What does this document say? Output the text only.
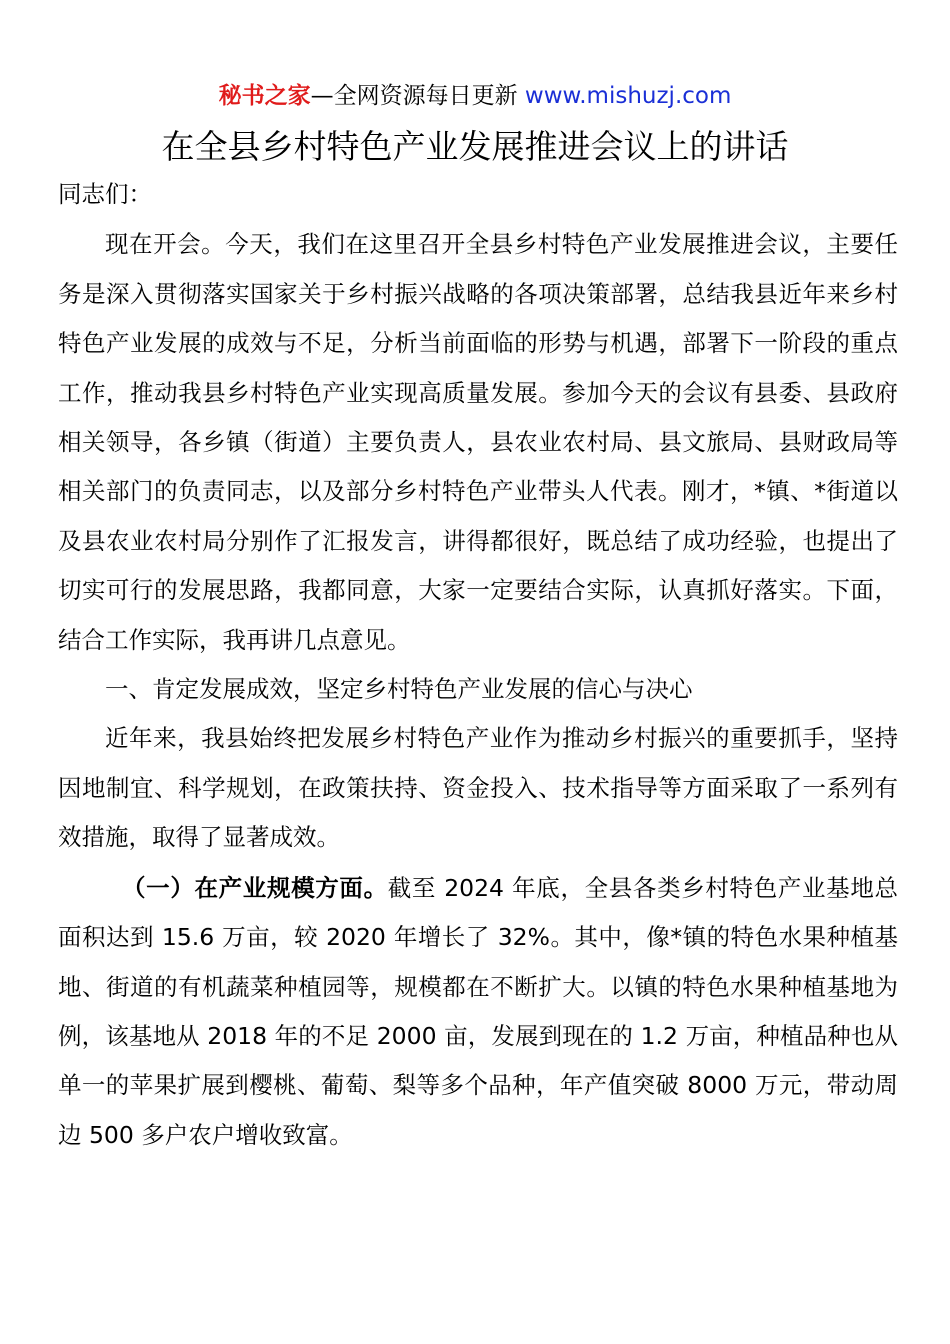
秘书之家—全网资源每日更新 www.mishuzj.com
在全县乡村特色产业发展推进会议上的讲话

同志们：

现在开会。今天，我们在这里召开全县乡村特色产业发展推进会议，主要任务是深入贯彻落实国家关于乡村振兴战略的各项决策部署，总结我县近年来乡村特色产业发展的成效与不足，分析当前面临的形势与机遇，部署下一阶段的重点工作，推动我县乡村特色产业实现高质量发展。参加今天的会议有县委、县政府相关领导，各乡镇（街道）主要负责人，县农业农村局、县文旅局、县财政局等相关部门的负责同志，以及部分乡村特色产业带头人代表。刚才，*镇、*街道以及县农业农村局分别作了汇报发言，讲得都很好，既总结了成功经验，也提出了切实可行的发展思路，我都同意，大家一定要结合实际，认真抓好落实。下面，结合工作实际，我再讲几点意见。

一、肯定发展成效，坚定乡村特色产业发展的信心与决心

近年来，我县始终把发展乡村特色产业作为推动乡村振兴的重要抓手，坚持因地制宜、科学规划，在政策扶持、资金投入、技术指导等方面采取了一系列有效措施，取得了显著成效。

（一）在产业规模方面。截至 2024 年底，全县各类乡村特色产业基地总面积达到 15.6 万亩，较 2020 年增长了 32%。其中，像*镇的特色水果种植基地、街道的有机蔬菜种植园等，规模都在不断扩大。以镇的特色水果种植基地为例，该基地从 2018 年的不足 2000 亩，发展到现在的 1.2 万亩，种植品种也从单一的苹果扩展到樱桃、葡萄、梨等多个品种，年产值突破 8000 万元，带动周边 500 多户农户增收致富。
